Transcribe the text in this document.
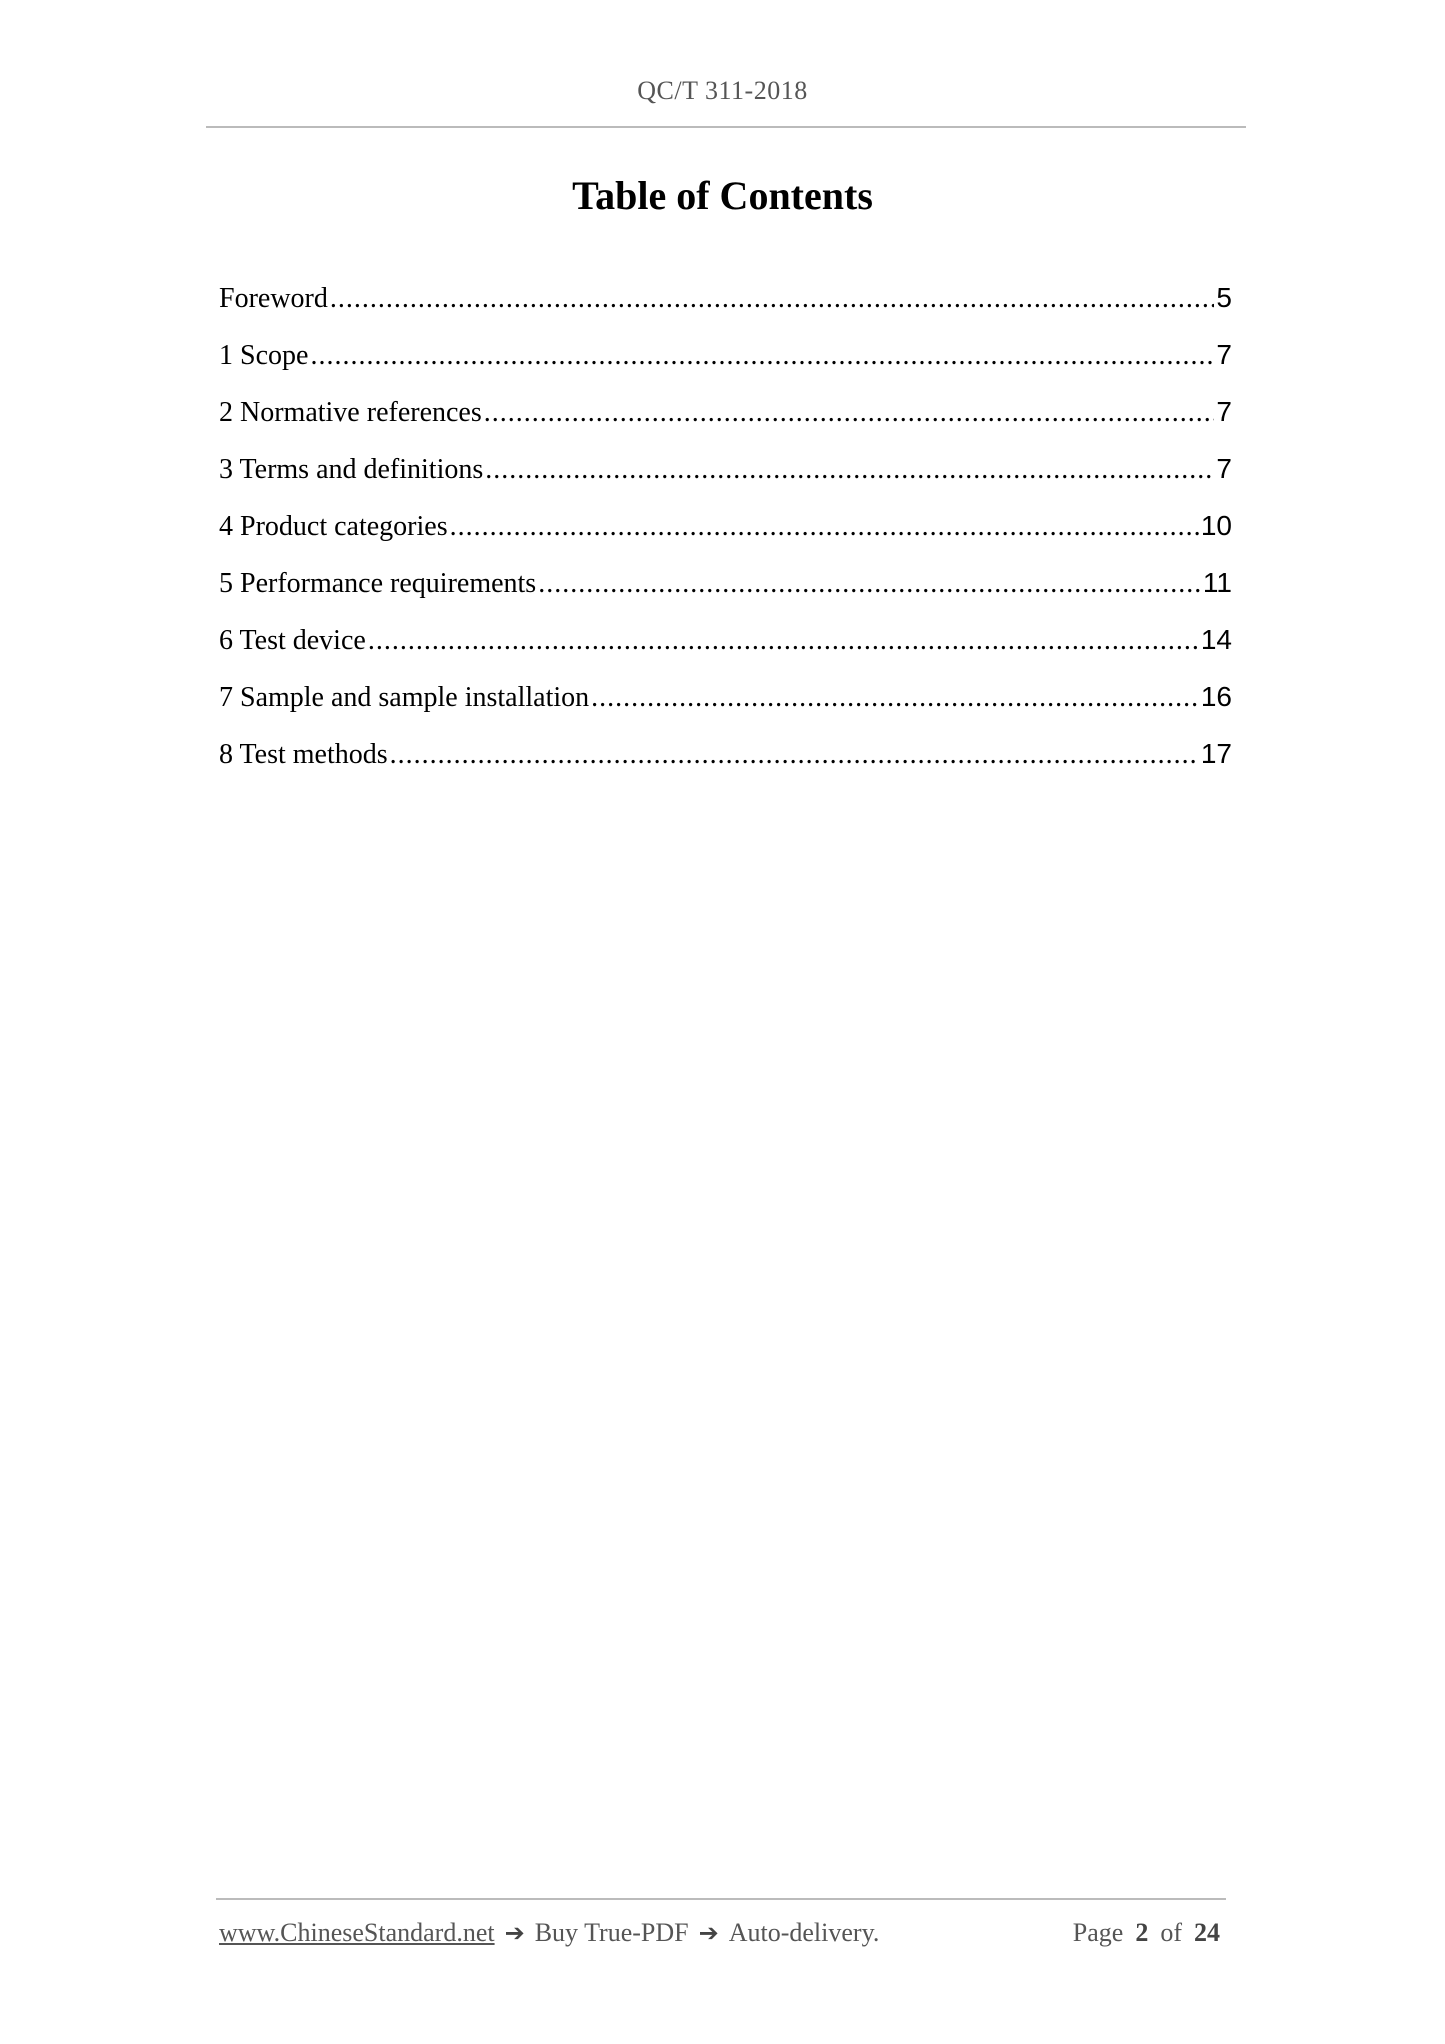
QC/T 311-2018
Table of Contents
Foreword .....	5
1 Scope .....	7
2 Normative references .....	7
3 Terms and definitions .....	7
4 Product categories .....	10
5 Performance requirements .....	11
6 Test device .....	14
7 Sample and sample installation .....	16
8 Test methods .....	17
www.ChineseStandard.net ➔ Buy True-PDF ➔ Auto-delivery.	Page 2 of 24
